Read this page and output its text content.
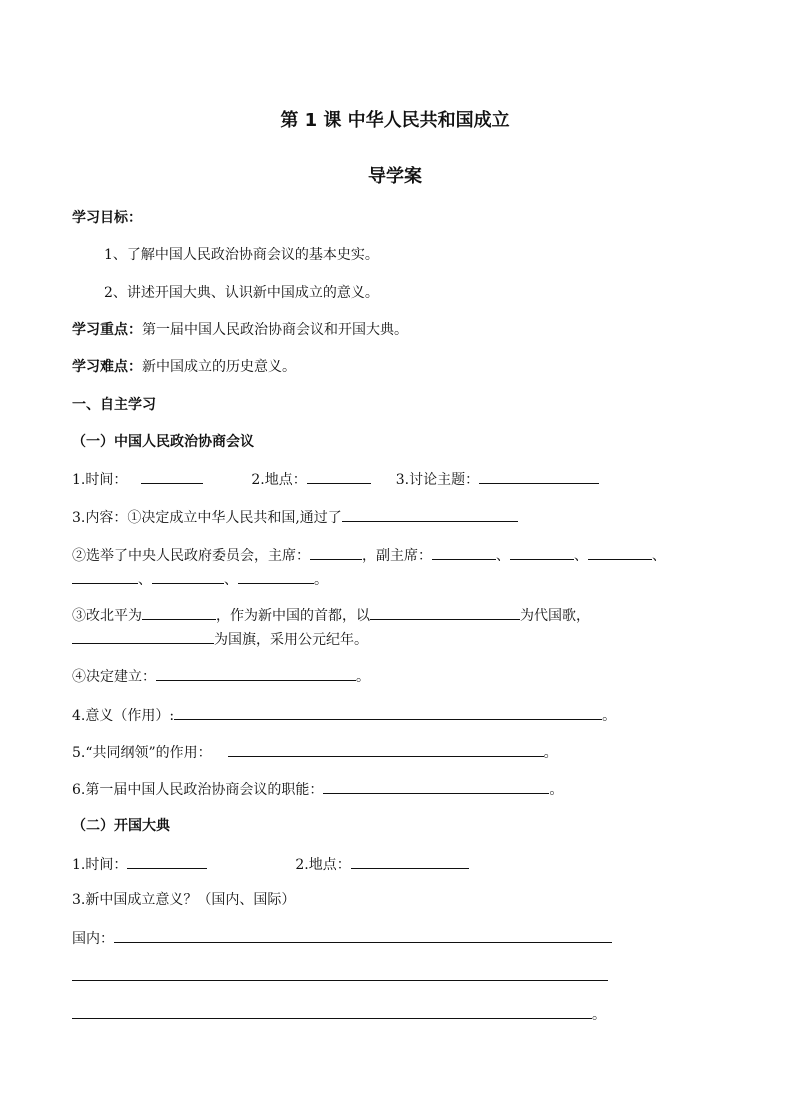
第 1 课 中华人民共和国成立
导学案
学习目标：
1、了解中国人民政治协商会议的基本史实。
2、讲述开国大典、认识新中国成立的意义。
学习重点：第一届中国人民政治协商会议和开国大典。
学习难点：新中国成立的历史意义。
一、自主学习
（一）中国人民政治协商会议
1.时间：	2.地点：	3.讨论主题：
3.内容：①决定成立中华人民共和国,通过了
②选举了中央人民政府委员会，主席：	，副主席：	、	、	、
、	、	。
③改北平为	，作为新中国的首都，以	为代国歌，
为国旗，采用公元纪年。
④决定建立：	。
4.意义（作用）:	。
5.“共同纲领”的作用：	。
6.第一届中国人民政治协商会议的职能：	。
（二）开国大典
1.时间：	2.地点：
3.新中国成立意义？（国内、国际）
国内：
。
